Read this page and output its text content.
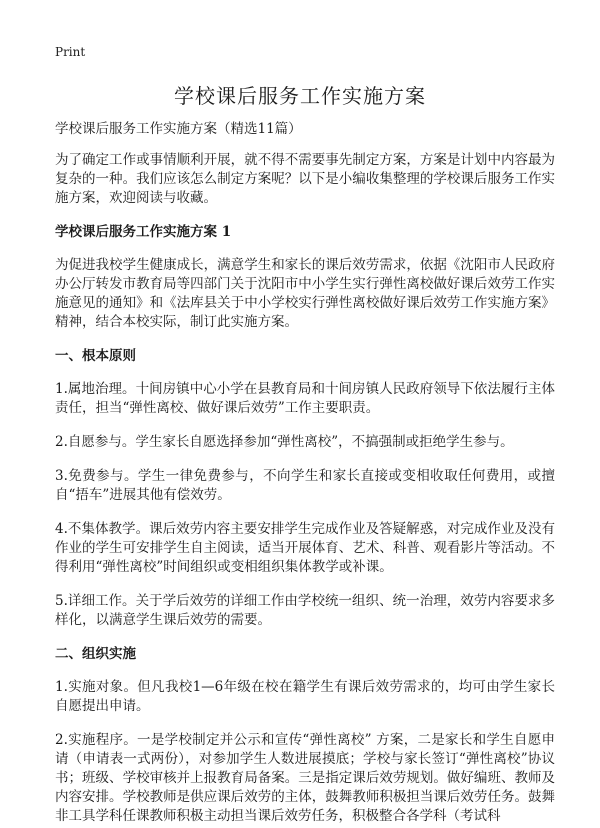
Print
学校课后服务工作实施方案

学校课后服务工作实施方案（精选11篇）

为了确定工作或事情顺利开展，就不得不需要事先制定方案，方案是计划中内容最为复杂的一种。我们应该怎么制定方案呢？以下是小编收集整理的学校课后服务工作实施方案，欢迎阅读与收藏。

学校课后服务工作实施方案 1

为促进我校学生健康成长，满意学生和家长的课后效劳需求，依据《沈阳市人民政府办公厅转发市教育局等四部门关于沈阳市中小学生实行弹性离校做好课后效劳工作实施意见的通知》和《法库县关于中小学校实行弹性离校做好课后效劳工作实施方案》精神，结合本校实际，制订此实施方案。

一、根本原则

1.属地治理。十间房镇中心小学在县教育局和十间房镇人民政府领导下依法履行主体责任，担当“弹性离校、做好课后效劳”工作主要职责。

2.自愿参与。学生家长自愿选择参加“弹性离校”，不搞强制或拒绝学生参与。

3.免费参与。学生一律免费参与，不向学生和家长直接或变相收取任何费用，或擅自“捂车”进展其他有偿效劳。

4.不集体教学。课后效劳内容主要安排学生完成作业及答疑解惑，对完成作业及没有作业的学生可安排学生自主阅读，适当开展体育、艺术、科普、观看影片等活动。不得利用“弹性离校”时间组织或变相组织集体教学或补课。

5.详细工作。关于学后效劳的详细工作由学校统一组织、统一治理，效劳内容要求多样化，以满意学生课后效劳的需要。

二、组织实施

1.实施对象。但凡我校1—6年级在校在籍学生有课后效劳需求的，均可由学生家长自愿提出申请。

2.实施程序。一是学校制定并公示和宣传“弹性离校” 方案，二是家长和学生自愿申请（申请表一式两份），对参加学生人数进展摸底；学校与家长签订“弹性离校”协议书；班级、学校审核并上报教育局备案。三是指定课后效劳规划。做好编班、教师及内容安排。学校教师是供应课后效劳的主体，鼓舞教师积极担当课后效劳任务。鼓舞非工具学科任课教师积极主动担当课后效劳任务，积极整合各学科（考试科
